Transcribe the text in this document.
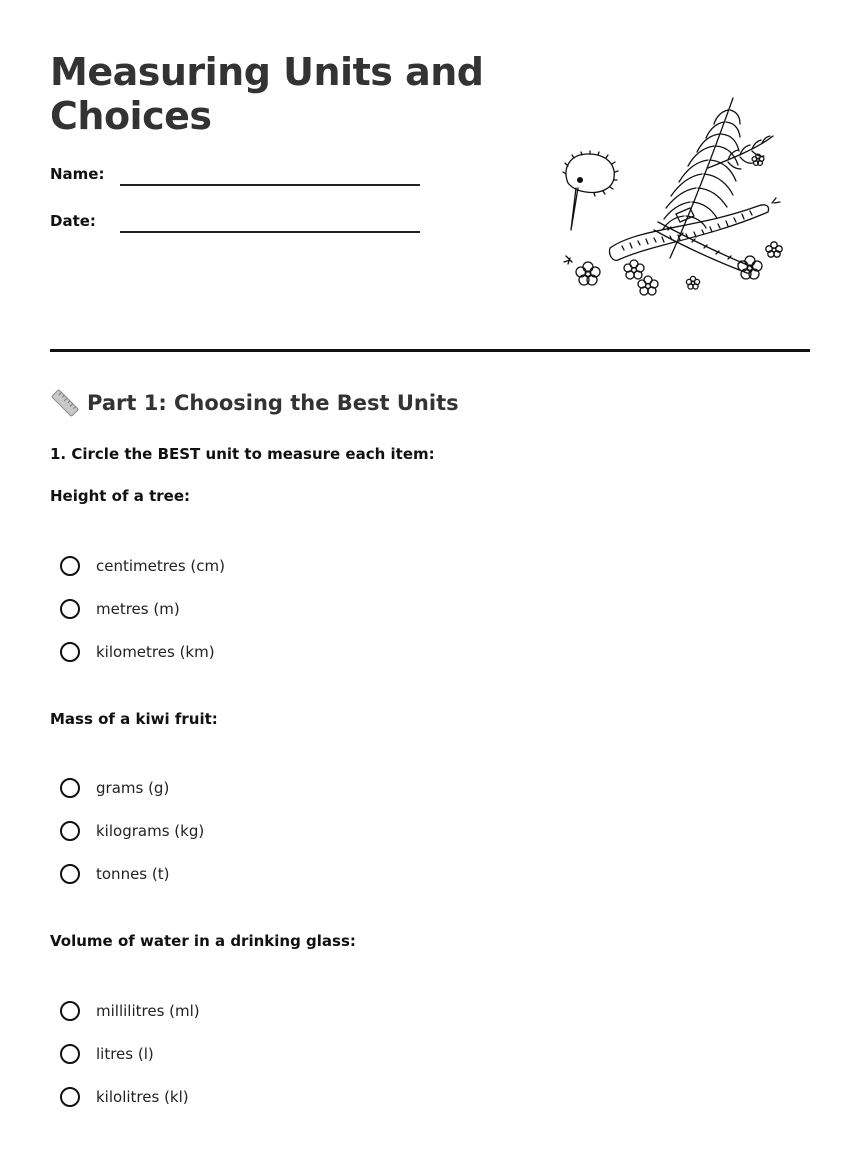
Measuring Units and Choices
Name:
Date:
Part 1: Choosing the Best Units
1. Circle the BEST unit to measure each item:

Height of a tree:

centimetres (cm)
metres (m)
kilometres (km)

Mass of a kiwi fruit:

grams (g)
kilograms (kg)
tonnes (t)

Volume of water in a drinking glass:

millilitres (ml)
litres (l)
kilolitres (kl)
